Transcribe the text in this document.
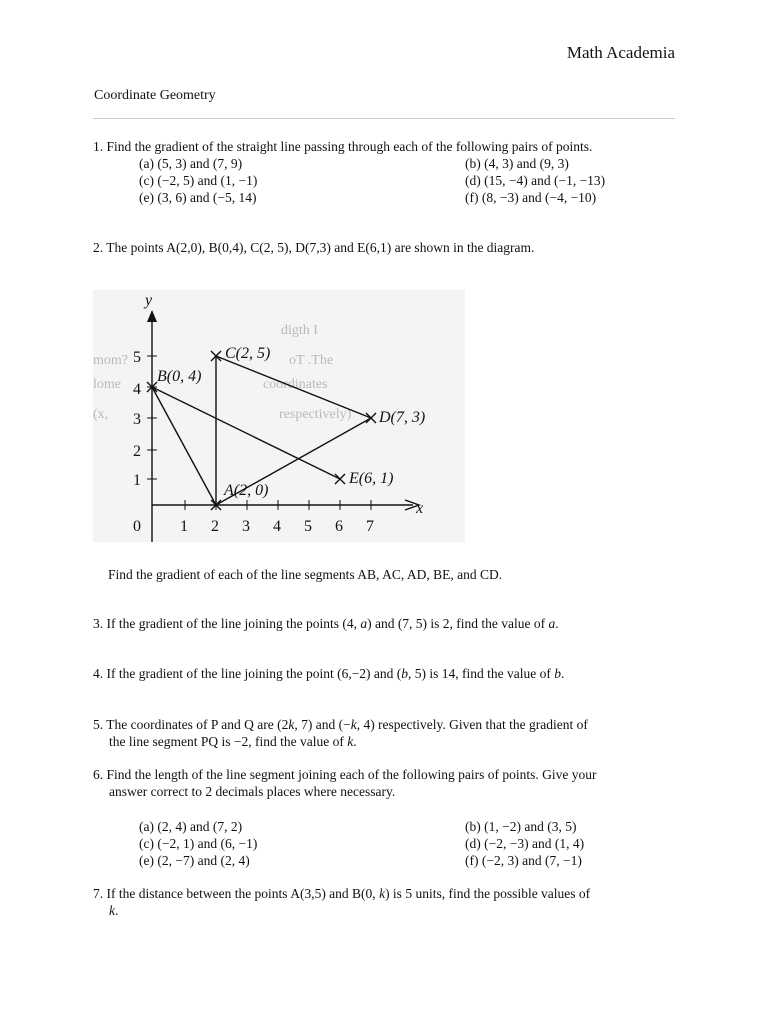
Math Academia
Coordinate Geometry
1. Find the gradient of the straight line passing through each of the following pairs of points.
(a) (5, 3) and (7, 9)	(b) (4, 3) and (9, 3)
(c) (−2, 5) and (1, −1)	(d) (15, −4) and (−1, −13)
(e) (3, 6) and (−5, 14)	(f) (8, −3) and (−4, −10)
2. The points A(2,0), B(0,4), C(2, 5), D(7,3) and E(6,1) are shown in the diagram.
digth I
mom?	oT .The
lome	coordinates
(x,	respectively)
y
x
0 1 2 3 4 5 6 7
1
2
3
4
5	C(2, 5)
B(0, 4)
D(7, 3)
E(6, 1)
A(2, 0)
Find the gradient of each of the line segments AB, AC, AD, BE, and CD.
3. If the gradient of the line joining the points (4, a) and (7, 5) is 2, find the value of a.
4. If the gradient of the line joining the point (6,−2) and (b, 5) is 14, find the value of b.
5. The coordinates of P and Q are (2k, 7) and (−k, 4) respectively. Given that the gradient of
the line segment PQ is −2, find the value of k.
6. Find the length of the line segment joining each of the following pairs of points. Give your
answer correct to 2 decimals places where necessary.
(a) (2, 4) and (7, 2)	(b) (1, −2) and (3, 5)
(c) (−2, 1) and (6, −1)	(d) (−2, −3) and (1, 4)
(e) (2, −7) and (2, 4)	(f) (−2, 3) and (7, −1)
7. If the distance between the points A(3,5) and B(0, k) is 5 units, find the possible values of
k.
